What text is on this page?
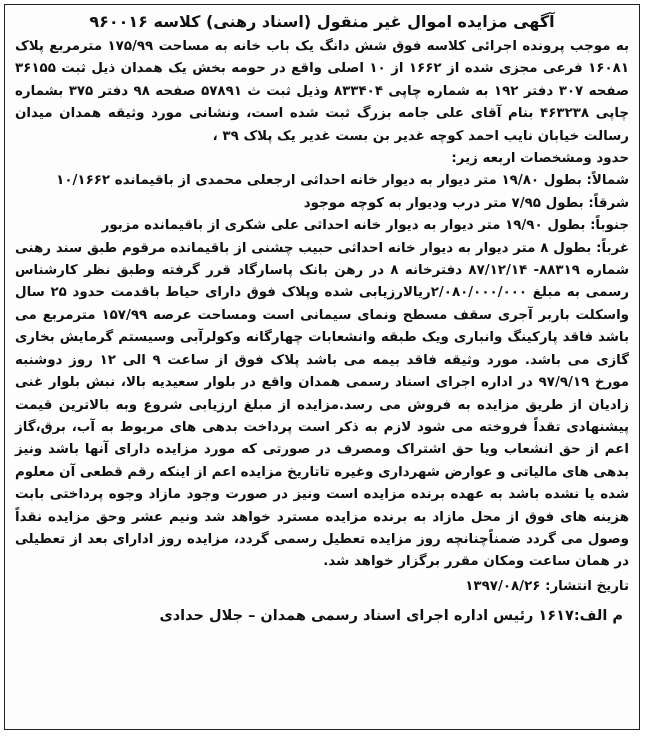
آگهی مزایده اموال غیر منقول (اسناد رهنی) کلاسه ۹۶۰۰۱۶

به موجب پرونده اجرائی کلاسه فوق شش دانگ یک باب خانه به مساحت ۱۷۵/۹۹ مترمربع پلاک ۱۶۰۸۱ فرعی مجزی شده از ۱۶۶۲ از ۱۰ اصلی واقع در حومه بخش یک همدان ذیل ثبت ۳۶۱۵۵ صفحه ۳۰۷ دفتر ۱۹۲ به شماره چاپی ۸۳۳۴۰۴ وذیل ثبت ث ۵۷۸۹۱ صفحه ۹۸ دفتر ۳۷۵ بشماره چاپی ۴۶۳۲۳۸ بنام آقای علی جامه بزرگ ثبت شده است، ونشانی مورد وثیقه همدان میدان رسالت خیابان نایب احمد کوچه غدیر بن بست غدیر یک پلاک ۳۹ ،

حدود ومشخصات اربعه زیر:

شمالاً: بطول ۱۹/۸۰ متر دیوار به دیوار خانه احداثی ارجعلی محمدی از باقیمانده ۱۰/۱۶۶۲

شرقاً: بطول ۷/۹۵ متر درب ودیوار به کوچه موجود

جنوباً: بطول ۱۹/۹۰ متر دیوار به دیوار خانه احداثی علی شکری از باقیمانده مزبور

غرباً: بطول ۸ متر دیوار به دیوار خانه احداثی حبیب چشنی از باقیمانده مرقوم طبق سند رهنی شماره ۸۸۳۱۹- ۸۷/۱۲/۱۴ دفترخانه ۸ در رهن بانک پاسارگاد قرر گرفته وطبق نظر کارشناس رسمی به مبلغ ۲/۰۸۰/۰۰۰/۰۰۰ریالارزیابی شده وپلاک فوق دارای حیاط باقدمت حدود ۲۵ سال واسکلت باربر آجری سقف مسطح ونمای سیمانی است ومساحت عرصه ۱۵۷/۹۹ مترمربع می باشد فاقد پارکینگ وانباری ویک طبقه وانشعابات چهارگانه وکولرآبی وسیستم گرمایش بخاری گازی می باشد. مورد وثیقه فاقد بیمه می باشد پلاک فوق از ساعت ۹ الی ۱۲ روز دوشنبه مورخ ۹۷/۹/۱۹ در اداره اجرای اسناد رسمی همدان واقع در بلوار سعیدیه بالا، نبش بلوار غنی زادیان از طریق مزایده به فروش می رسد.مزایده از مبلغ ارزیابی شروع وبه بالاترین قیمت پیشنهادی تقداً فروخته می شود لازم به ذکر است پرداخت بدهی های مربوط به آب، برق،گاز اعم از حق انشعاب ویا حق اشتراک ومصرف در صورتی که مورد مزایده دارای آنها باشد ونیز بدهی های مالیاتی و عوارض شهرداری وغیره تاتاریخ مزایده اعم از اینکه رقم قطعی آن معلوم شده یا نشده باشد به عهده برنده مزایده است ونیز در صورت وجود مازاد وجوه پرداختی بابت هزینه های فوق از محل مازاد به برنده مزایده مسترد خواهد شد ونیم عشر وحق مزایده نقداً وصول می گردد ضمناًچنانچه روز مزایده تعطیل رسمی گردد، مزایده روز ادارای بعد از تعطیلی در همان ساعت ومکان مقرر برگزار خواهد شد.

تاریخ انتشار: ۱۳۹۷/۰۸/۲۶
م الف:۱۶۱۷ رئیس اداره اجرای اسناد رسمی همدان – جلال حدادی
